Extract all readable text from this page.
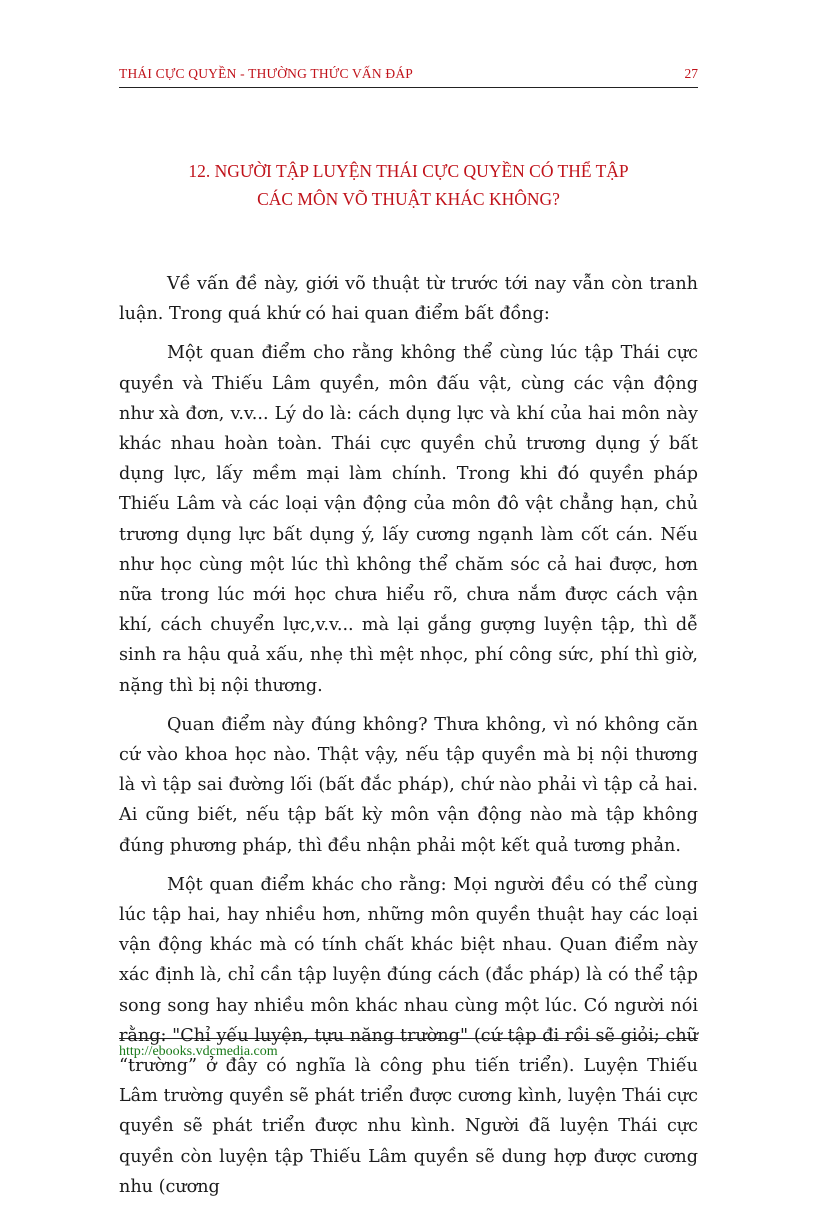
THÁI CỰC QUYỀN - THƯỜNG THỨC VẤN ĐÁP	27
12. NGƯỜI TẬP LUYỆN THÁI CỰC QUYỀN CÓ THỂ TẬP
CÁC MÔN VÕ THUẬT KHÁC KHÔNG?

Về vấn đề này, giới võ thuật từ trước tới nay vẫn còn tranh luận. Trong quá khứ có hai quan điểm bất đồng:

Một quan điểm cho rằng không thể cùng lúc tập Thái cực quyền và Thiếu Lâm quyền, môn đấu vật, cùng các vận động như xà đơn, v.v... Lý do là: cách dụng lực và khí của hai môn này khác nhau hoàn toàn. Thái cực quyền chủ trương dụng ý bất dụng lực, lấy mềm mại làm chính. Trong khi đó quyền pháp Thiếu Lâm và các loại vận động của môn đô vật chẳng hạn, chủ trương dụng lực bất dụng ý, lấy cương ngạnh làm cốt cán. Nếu như học cùng một lúc thì không thể chăm sóc cả hai được, hơn nữa trong lúc mới học chưa hiểu rõ, chưa nắm được cách vận khí, cách chuyển lực,v.v... mà lại gắng gượng luyện tập, thì dễ sinh ra hậu quả xấu, nhẹ thì mệt nhọc, phí công sức, phí thì giờ, nặng thì bị nội thương.

Quan điểm này đúng không? Thưa không, vì nó không căn cứ vào khoa học nào. Thật vậy, nếu tập quyền mà bị nội thương là vì tập sai đường lối (bất đắc pháp), chứ nào phải vì tập cả hai. Ai cũng biết, nếu tập bất kỳ môn vận động nào mà tập không đúng phương pháp, thì đều nhận phải một kết quả tương phản.

Một quan điểm khác cho rằng: Mọi người đều có thể cùng lúc tập hai, hay nhiều hơn, những môn quyền thuật hay các loại vận động khác mà có tính chất khác biệt nhau. Quan điểm này xác định là, chỉ cần tập luyện đúng cách (đắc pháp) là có thể tập song song hay nhiều môn khác nhau cùng một lúc. Có người nói rằng: "Chỉ yếu luyện, tựu năng trường" (cứ tập đi rồi sẽ giỏi; chữ “trường” ở đây có nghĩa là công phu tiến triển). Luyện Thiếu Lâm trường quyền sẽ phát triển được cương kình, luyện Thái cực quyền sẽ phát triển được nhu kình. Người đã luyện Thái cực quyền còn luyện tập Thiếu Lâm quyền sẽ dung hợp được cương nhu (cương

http://ebooks.vdcmedia.com
